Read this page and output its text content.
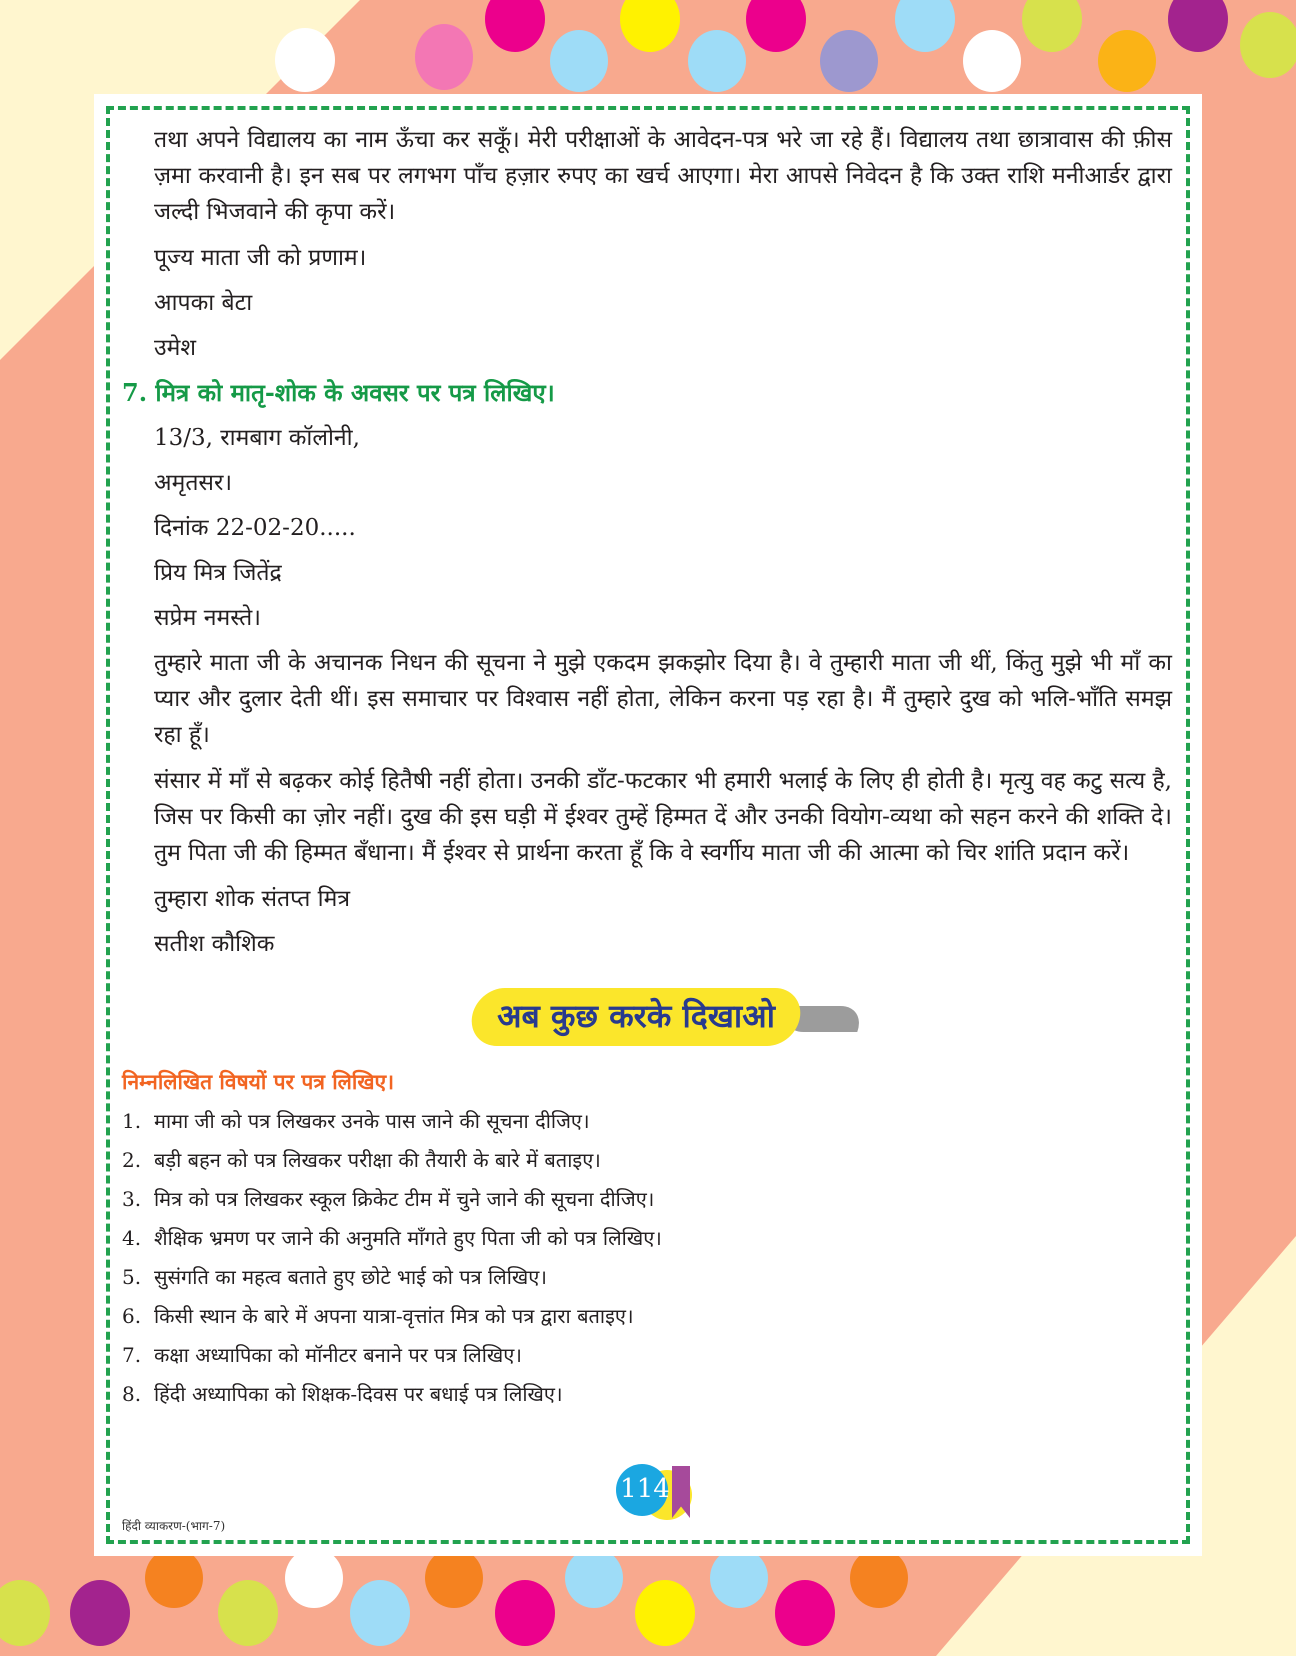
तथा अपने विद्यालय का नाम ऊँचा कर सकूँ। मेरी परीक्षाओं के आवेदन-पत्र भरे जा रहे हैं। विद्यालय तथा छात्रावास की फ़ीस ज़मा करवानी है। इन सब पर लगभग पाँच हज़ार रुपए का खर्च आएगा। मेरा आपसे निवेदन है कि उक्त राशि मनीआर्डर द्वारा जल्दी भिजवाने की कृपा करें।

पूज्य माता जी को प्रणाम।
आपका बेटा
उमेश
7. मित्र को मातृ-शोक के अवसर पर पत्र लिखिए।
13/3, रामबाग कॉलोनी,
अमृतसर।
दिनांक 22-02-20.....
प्रिय मित्र जितेंद्र
सप्रेम नमस्ते।

तुम्हारे माता जी के अचानक निधन की सूचना ने मुझे एकदम झकझोर दिया है। वे तुम्हारी माता जी थीं, किंतु मुझे भी माँ का प्यार और दुलार देती थीं। इस समाचार पर विश्वास नहीं होता, लेकिन करना पड़ रहा है। मैं तुम्हारे दुख को भलि-भाँति समझ रहा हूँ।

संसार में माँ से बढ़कर कोई हितैषी नहीं होता। उनकी डाँट-फटकार भी हमारी भलाई के लिए ही होती है। मृत्यु वह कटु सत्य है, जिस पर किसी का ज़ोर नहीं। दुख की इस घड़ी में ईश्वर तुम्हें हिम्मत दें और उनकी वियोग-व्यथा को सहन करने की शक्ति दे। तुम पिता जी की हिम्मत बँधाना। मैं ईश्वर से प्रार्थना करता हूँ कि वे स्वर्गीय माता जी की आत्मा को चिर शांति प्रदान करें।

तुम्हारा शोक संतप्त मित्र
सतीश कौशिक
अब कुछ करके दिखाओ
निम्नलिखित विषयों पर पत्र लिखिए।
1. मामा जी को पत्र लिखकर उनके पास जाने की सूचना दीजिए।
2. बड़ी बहन को पत्र लिखकर परीक्षा की तैयारी के बारे में बताइए।
3. मित्र को पत्र लिखकर स्कूल क्रिकेट टीम में चुने जाने की सूचना दीजिए।
4. शैक्षिक भ्रमण पर जाने की अनुमति माँगते हुए पिता जी को पत्र लिखिए।
5. सुसंगति का महत्व बताते हुए छोटे भाई को पत्र लिखिए।
6. किसी स्थान के बारे में अपना यात्रा-वृत्तांत मित्र को पत्र द्वारा बताइए।
7. कक्षा अध्यापिका को मॉनीटर बनाने पर पत्र लिखिए।
8. हिंदी अध्यापिका को शिक्षक-दिवस पर बधाई पत्र लिखिए।
हिंदी व्याकरण-(भाग-7)
114
